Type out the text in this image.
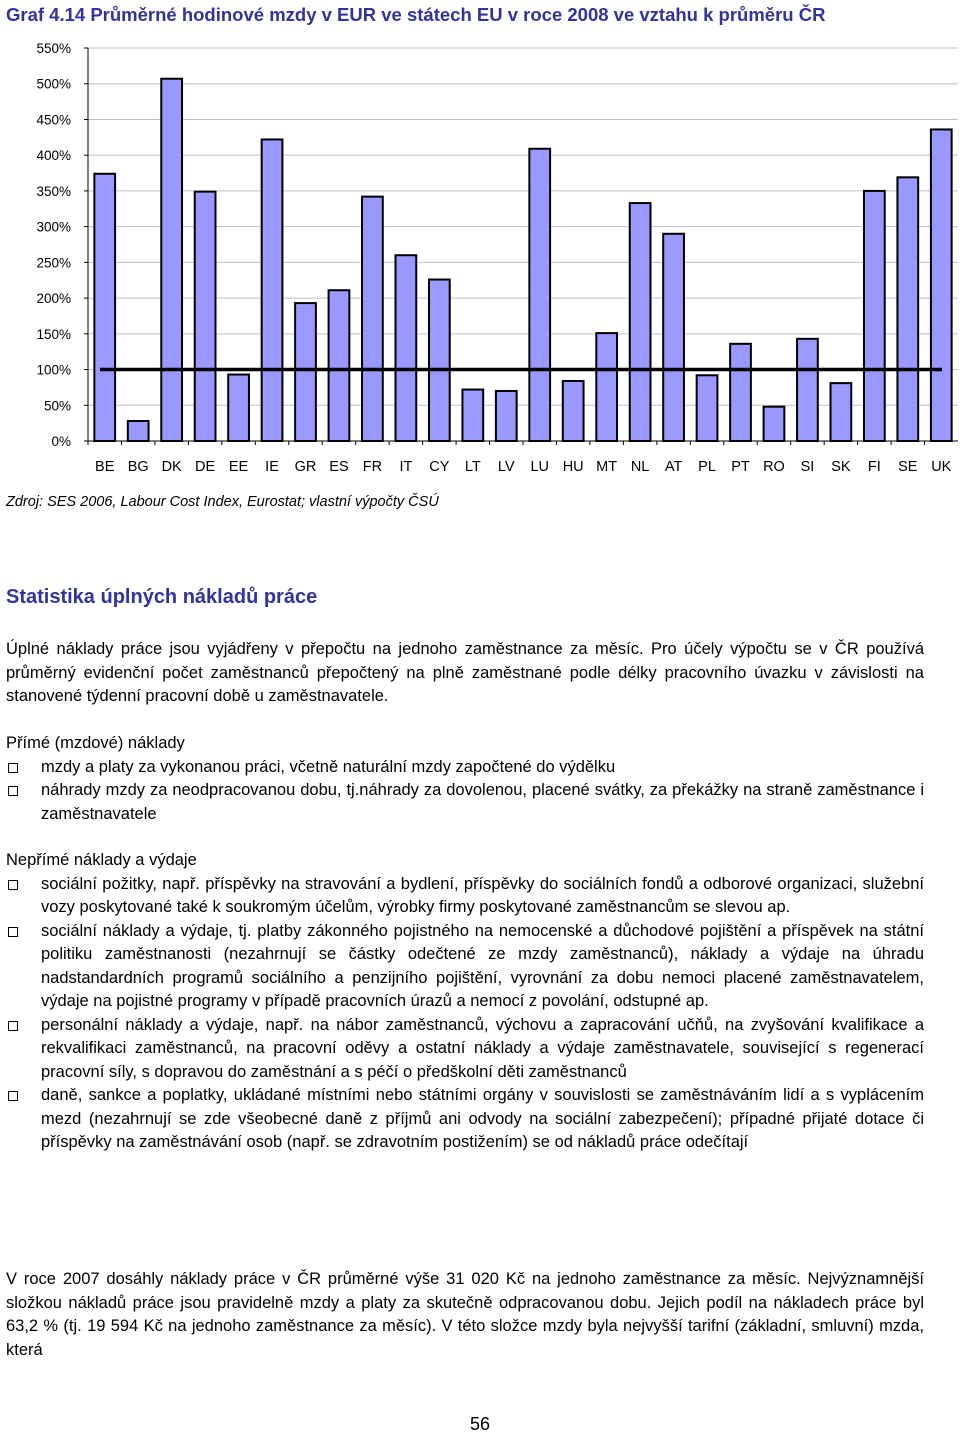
Graf 4.14 Průměrné hodinové mzdy v EUR ve státech EU v roce 2008 ve vztahu k průměru ČR
0%
50%
100%
150%
200%
250%
300%
350%
400%
450%
500%
550%
BE BG DK DE EE IE GR ES FR IT CY LT LV LU HU MT NL AT PL PT RO SI SK FI SE UK

Zdroj: SES 2006, Labour Cost Index, Eurostat; vlastní výpočty ČSÚ

Statistika úplných nákladů práce

Úplné náklady práce jsou vyjádřeny v přepočtu na jednoho zaměstnance za měsíc. Pro účely výpočtu se v ČR používá průměrný evidenční počet zaměstnanců přepočtený na plně zaměstnané podle délky pracovního úvazku v závislosti na stanovené týdenní pracovní době u zaměstnavatele.

Přímé (mzdové) náklady

mzdy a platy za vykonanou práci, včetně naturální mzdy započtené do výdělku
náhrady mzdy za neodpracovanou dobu, tj.náhrady za dovolenou, placené svátky, za překážky na straně zaměstnance i zaměstnavatele

Nepřímé náklady a výdaje

sociální požitky, např. příspěvky na stravování a bydlení, příspěvky do sociálních fondů a odborové organizaci, služební vozy poskytované také k soukromým účelům, výrobky firmy poskytované zaměstnancům se slevou ap.
sociální náklady a výdaje, tj. platby zákonného pojistného na nemocenské a důchodové pojištění a příspěvek na státní politiku zaměstnanosti (nezahrnují se částky odečtené ze mzdy zaměstnanců), náklady a výdaje na úhradu nadstandardních programů sociálního a penzijního pojištění, vyrovnání za dobu nemoci placené zaměstnavatelem, výdaje na pojistné programy v případě pracovních úrazů a nemocí z povolání, odstupné ap.
personální náklady a výdaje, např. na nábor zaměstnanců, výchovu a zapracování učňů, na zvyšování kvalifikace a rekvalifikaci zaměstnanců, na pracovní oděvy a ostatní náklady a výdaje zaměstnavatele, související s regenerací pracovní síly, s dopravou do zaměstnání a s péčí o předškolní děti zaměstnanců
daně, sankce a poplatky, ukládané místními nebo státními orgány v souvislosti se zaměstnáváním lidí a s vyplácením mezd (nezahrnují se zde všeobecné daně z příjmů ani odvody na sociální zabezpečení); případné přijaté dotace či příspěvky na zaměstnávání osob (např. se zdravotním postižením) se od nákladů práce odečítají

V roce 2007 dosáhly náklady práce v ČR průměrné výše 31 020 Kč na jednoho zaměstnance za měsíc. Nejvýznamnější složkou nákladů práce jsou pravidelně mzdy a platy za skutečně odpracovanou dobu. Jejich podíl na nákladech práce byl 63,2 % (tj. 19 594 Kč na jednoho zaměstnance za měsíc). V této složce mzdy byla nejvyšší tarifní (základní, smluvní) mzda, která

56
